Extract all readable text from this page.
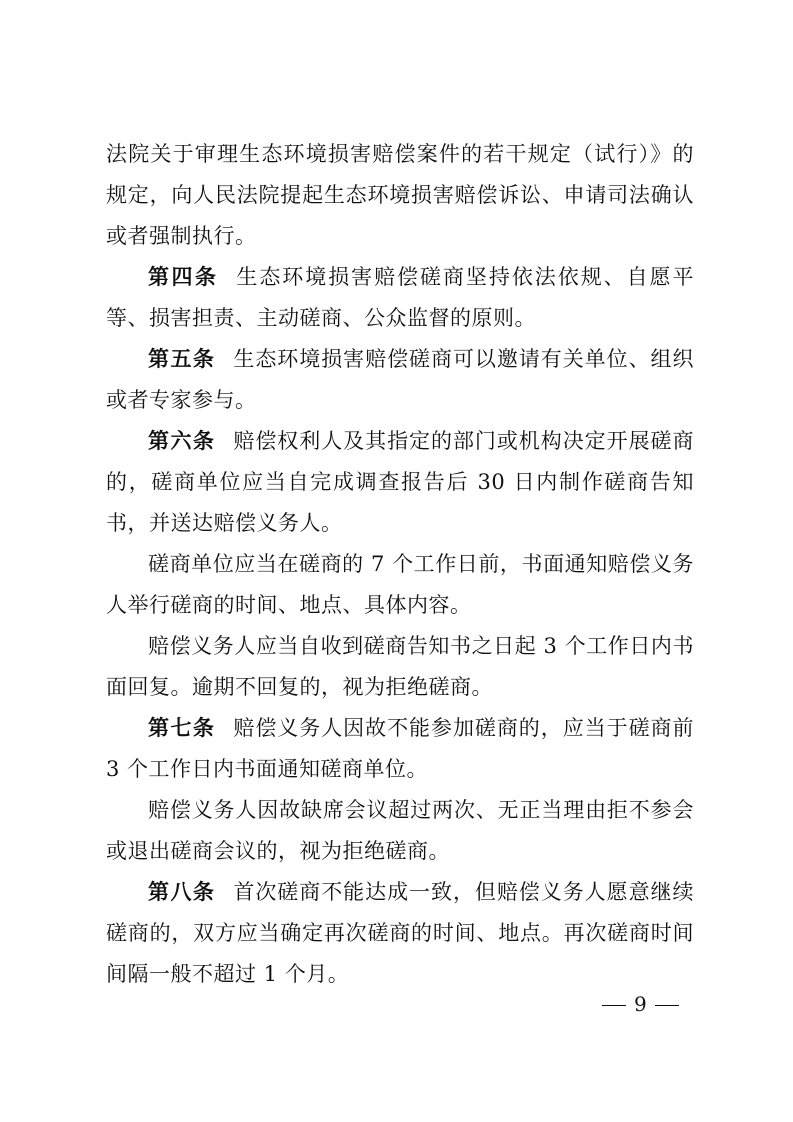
法院关于审理生态环境损害赔偿案件的若干规定（试行）》的规定，向人民法院提起生态环境损害赔偿诉讼、申请司法确认或者强制执行。

第四条 生态环境损害赔偿磋商坚持依法依规、自愿平等、损害担责、主动磋商、公众监督的原则。

第五条 生态环境损害赔偿磋商可以邀请有关单位、组织或者专家参与。

第六条 赔偿权利人及其指定的部门或机构决定开展磋商的，磋商单位应当自完成调查报告后 30 日内制作磋商告知书，并送达赔偿义务人。

磋商单位应当在磋商的 7 个工作日前，书面通知赔偿义务人举行磋商的时间、地点、具体内容。

赔偿义务人应当自收到磋商告知书之日起 3 个工作日内书面回复。逾期不回复的，视为拒绝磋商。

第七条 赔偿义务人因故不能参加磋商的，应当于磋商前 3 个工作日内书面通知磋商单位。

赔偿义务人因故缺席会议超过两次、无正当理由拒不参会或退出磋商会议的，视为拒绝磋商。

第八条 首次磋商不能达成一致，但赔偿义务人愿意继续磋商的，双方应当确定再次磋商的时间、地点。再次磋商时间间隔一般不超过 1 个月。

9
